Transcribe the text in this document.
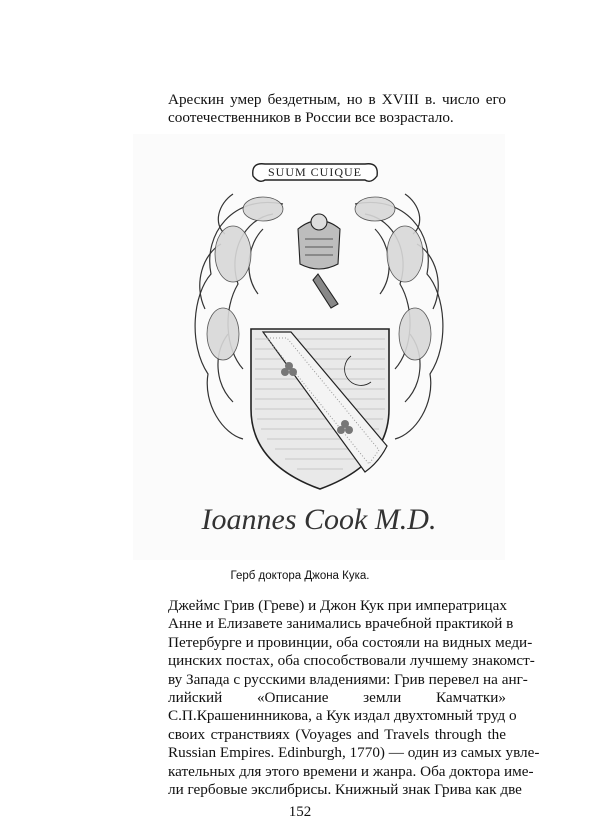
Арескин умер бездетным, но в XVIII в. число его
соотечественников в России все возрастало.
SUUM CUIQUE
Ioannes Cook M.D.
Герб доктора Джона Кука.
Джеймс Грив (Греве) и Джон Кук при императрицах
Анне и Елизавете занимались врачебной практикой в
Петербурге и провинции, оба состояли на видных меди-
цинских постах, оба способствовали лучшему знакомст-
ву Запада с русскими владениями: Грив перевел на анг-
лийский «Описание земли Камчатки»
С.П.Крашенинникова, а Кук издал двухтомный труд о
своих странствиях (Voyages and Travels through the
Russian Empires. Edinburgh, 1770) — один из самых увле-
кательных для этого времени и жанра. Оба доктора име-
ли гербовые экслибрисы. Книжный знак Грива как две
152
